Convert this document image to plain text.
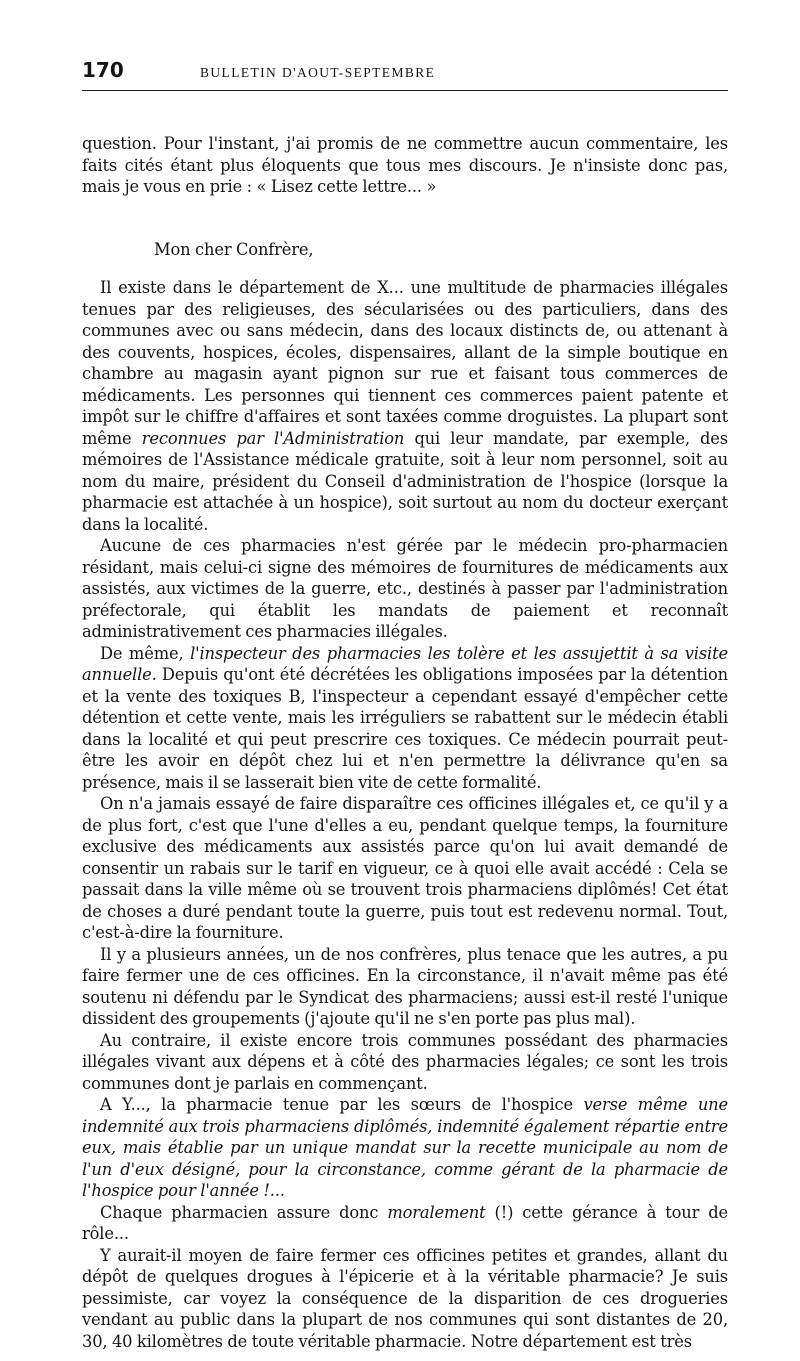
170	BULLETIN D'AOUT-SEPTEMBRE

question. Pour l'instant, j'ai promis de ne commettre aucun commentaire, les faits cités étant plus éloquents que tous mes discours. Je n'insiste donc pas, mais je vous en prie : « Lisez cette lettre... »

Mon cher Confrère,

Il existe dans le département de X... une multitude de pharmacies illégales tenues par des religieuses, des sécularisées ou des particuliers, dans des communes avec ou sans médecin, dans des locaux distincts de, ou attenant à des couvents, hospices, écoles, dispensaires, allant de la simple boutique en chambre au magasin ayant pignon sur rue et faisant tous commerces de médicaments. Les personnes qui tiennent ces commerces paient patente et impôt sur le chiffre d'affaires et sont taxées comme droguistes. La plupart sont même reconnues par l'Administration qui leur mandate, par exemple, des mémoires de l'Assistance médicale gratuite, soit à leur nom personnel, soit au nom du maire, président du Conseil d'administration de l'hospice (lorsque la pharmacie est attachée à un hospice), soit surtout au nom du docteur exerçant dans la localité.

Aucune de ces pharmacies n'est gérée par le médecin pro-pharmacien résidant, mais celui-ci signe des mémoires de fournitures de médicaments aux assistés, aux victimes de la guerre, etc., destinés à passer par l'administration préfectorale, qui établit les mandats de paiement et reconnaît administrativement ces pharmacies illégales.

De même, l'inspecteur des pharmacies les tolère et les assujettit à sa visite annuelle. Depuis qu'ont été décrétées les obligations imposées par la détention et la vente des toxiques B, l'inspecteur a cependant essayé d'empêcher cette détention et cette vente, mais les irréguliers se rabattent sur le médecin établi dans la localité et qui peut prescrire ces toxiques. Ce médecin pourrait peut-être les avoir en dépôt chez lui et n'en permettre la délivrance qu'en sa présence, mais il se lasserait bien vite de cette formalité.

On n'a jamais essayé de faire disparaître ces officines illégales et, ce qu'il y a de plus fort, c'est que l'une d'elles a eu, pendant quelque temps, la fourniture exclusive des médicaments aux assistés parce qu'on lui avait demandé de consentir un rabais sur le tarif en vigueur, ce à quoi elle avait accédé : Cela se passait dans la ville même où se trouvent trois pharmaciens diplômés! Cet état de choses a duré pendant toute la guerre, puis tout est redevenu normal. Tout, c'est-à-dire la fourniture.

Il y a plusieurs années, un de nos confrères, plus tenace que les autres, a pu faire fermer une de ces officines. En la circonstance, il n'avait même pas été soutenu ni défendu par le Syndicat des pharmaciens; aussi est-il resté l'unique dissident des groupements (j'ajoute qu'il ne s'en porte pas plus mal).

Au contraire, il existe encore trois communes possédant des pharmacies illégales vivant aux dépens et à côté des pharmacies légales; ce sont les trois communes dont je parlais en commençant.

A Y..., la pharmacie tenue par les sœurs de l'hospice verse même une indemnité aux trois pharmaciens diplômés, indemnité également répartie entre eux, mais établie par un unique mandat sur la recette municipale au nom de l'un d'eux désigné, pour la circonstance, comme gérant de la pharmacie de l'hospice pour l'année !...

Chaque pharmacien assure donc moralement (!) cette gérance à tour de rôle...

Y aurait-il moyen de faire fermer ces officines petites et grandes, allant du dépôt de quelques drogues à l'épicerie et à la véritable pharmacie? Je suis pessimiste, car voyez la conséquence de la disparition de ces drogueries vendant au public dans la plupart de nos communes qui sont distantes de 20, 30, 40 kilomètres de toute véritable pharmacie. Notre département est très
